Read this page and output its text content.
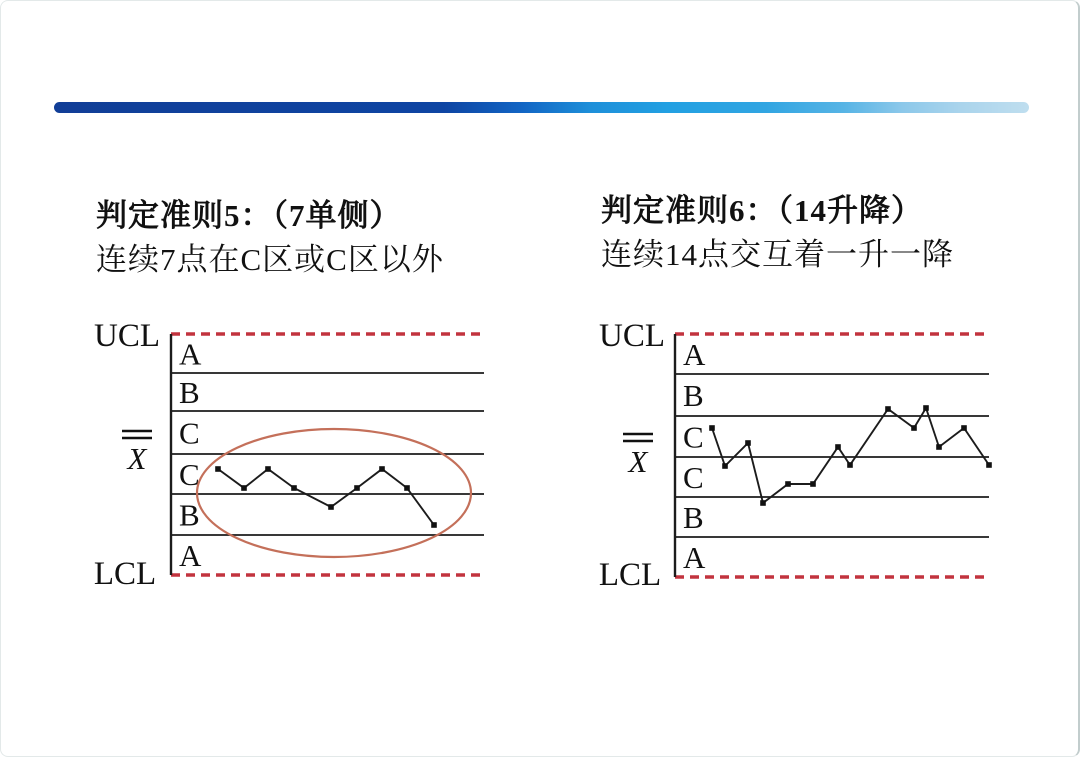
判定准则5：（7单侧）
连续7点在C区或C区以外
判定准则6：（14升降）
连续14点交互着一升一降
A
B
C
C
B
A
UCL
LCL
X
A
B
C
C
B
A
UCL
LCL
X
